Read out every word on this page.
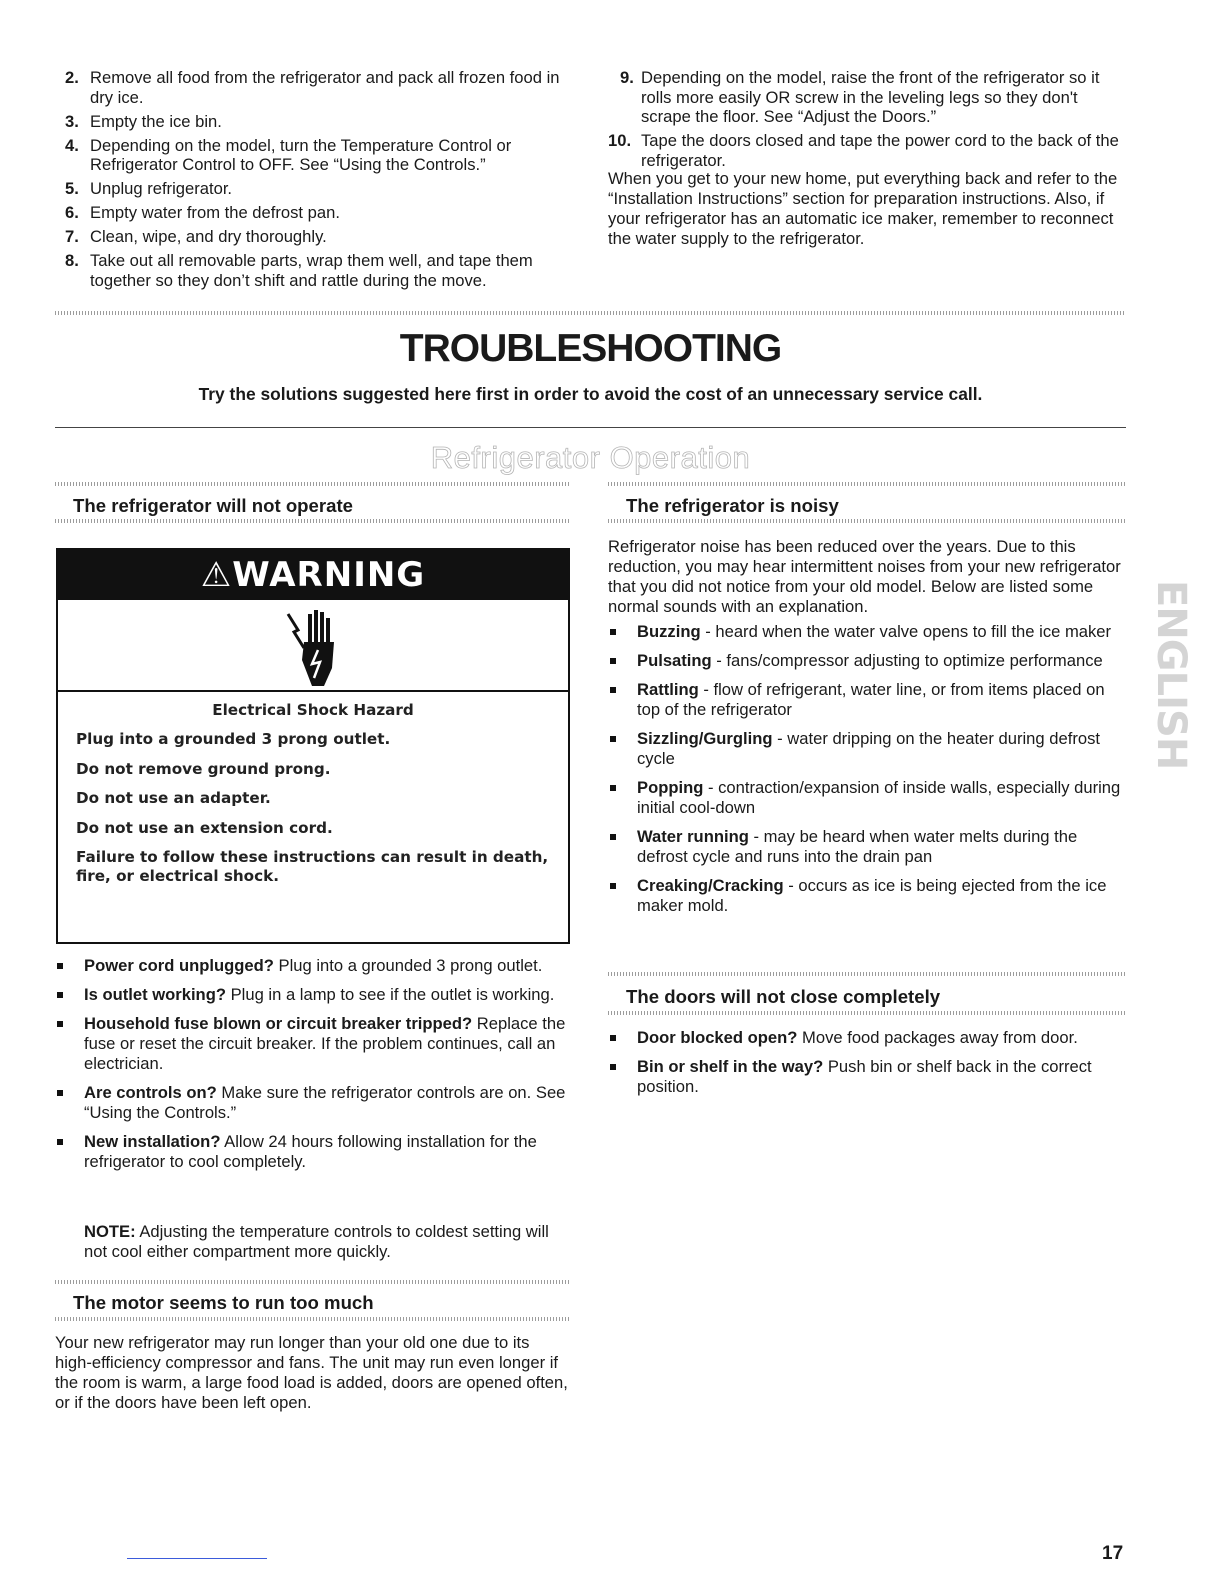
2. Remove all food from the refrigerator and pack all frozen food in dry ice.
3. Empty the ice bin.
4. Depending on the model, turn the Temperature Control or Refrigerator Control to OFF. See “Using the Controls.”
5. Unplug refrigerator.
6. Empty water from the defrost pan.
7. Clean, wipe, and dry thoroughly.
8. Take out all removable parts, wrap them well, and tape them together so they don’t shift and rattle during the move.
9. Depending on the model, raise the front of the refrigerator so it rolls more easily OR screw in the leveling legs so they don't scrape the floor. See “Adjust the Doors.”
10. Tape the doors closed and tape the power cord to the back of the refrigerator.

When you get to your new home, put everything back and refer to the “Installation Instructions” section for preparation instructions. Also, if your refrigerator has an automatic ice maker, remember to reconnect the water supply to the refrigerator.

TROUBLESHOOTING

Try the solutions suggested here first in order to avoid the cost of an unnecessary service call.

Refrigerator Operation
The refrigerator will not operate
⚠WARNING

Electrical Shock Hazard

Plug into a grounded 3 prong outlet.

Do not remove ground prong.

Do not use an adapter.

Do not use an extension cord.

Failure to follow these instructions can result in death, fire, or electrical shock.

Power cord unplugged? Plug into a grounded 3 prong outlet.
Is outlet working? Plug in a lamp to see if the outlet is working.
Household fuse blown or circuit breaker tripped? Replace the fuse or reset the circuit breaker. If the problem continues, call an electrician.
Are controls on? Make sure the refrigerator controls are on. See “Using the Controls.”
New installation? Allow 24 hours following installation for the refrigerator to cool completely.

NOTE: Adjusting the temperature controls to coldest setting will not cool either compartment more quickly.

The motor seems to run too much

Your new refrigerator may run longer than your old one due to its high-efficiency compressor and fans. The unit may run even longer if the room is warm, a large food load is added, doors are opened often, or if the doors have been left open.

The refrigerator is noisy

Refrigerator noise has been reduced over the years. Due to this reduction, you may hear intermittent noises from your new refrigerator that you did not notice from your old model. Below are listed some normal sounds with an explanation.

Buzzing - heard when the water valve opens to fill the ice maker
Pulsating - fans/compressor adjusting to optimize performance
Rattling - flow of refrigerant, water line, or from items placed on top of the refrigerator
Sizzling/Gurgling - water dripping on the heater during defrost cycle
Popping - contraction/expansion of inside walls, especially during initial cool-down
Water running - may be heard when water melts during the defrost cycle and runs into the drain pan
Creaking/Cracking - occurs as ice is being ejected from the ice maker mold.
The doors will not close completely
Door blocked open? Move food packages away from door.
Bin or shelf in the way? Push bin or shelf back in the correct position.
ENGLISH
17
